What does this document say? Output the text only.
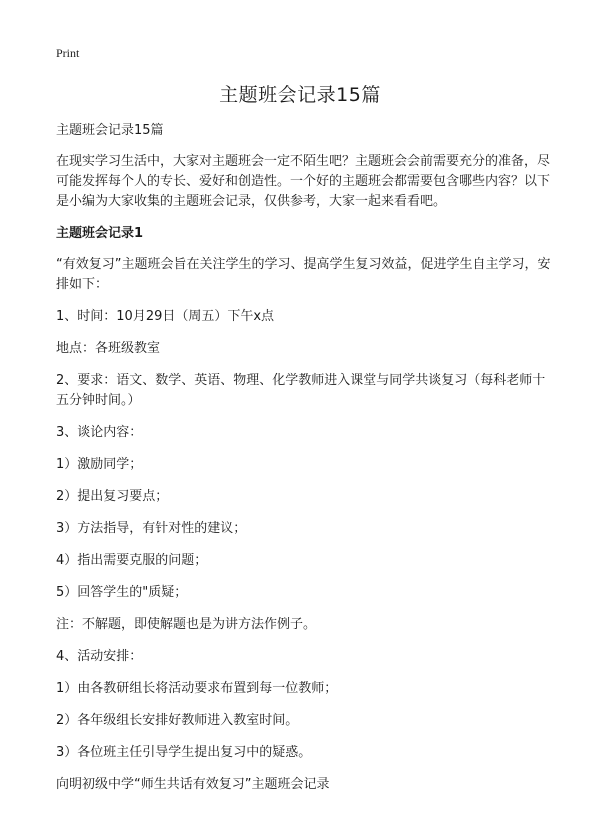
Print
主题班会记录15篇

主题班会记录15篇

在现实学习生活中，大家对主题班会一定不陌生吧？主题班会会前需要充分的准备，尽可能发挥每个人的专长、爱好和创造性。一个好的主题班会都需要包含哪些内容？以下是小编为大家收集的主题班会记录，仅供参考，大家一起来看看吧。

主题班会记录1

“有效复习”主题班会旨在关注学生的学习、提高学生复习效益，促进学生自主学习，安排如下：

1、时间：10月29日（周五）下午x点

地点：各班级教室

2、要求：语文、数学、英语、物理、化学教师进入课堂与同学共谈复习（每科老师十五分钟时间。）

3、谈论内容：

1）激励同学；

2）提出复习要点；

3）方法指导，有针对性的建议；

4）指出需要克服的问题；

5）回答学生的"质疑；

注：不解题，即使解题也是为讲方法作例子。

4、活动安排：

1）由各教研组长将活动要求布置到每一位教师；

2）各年级组长安排好教师进入教室时间。

3）各位班主任引导学生提出复习中的疑惑。

向明初级中学“师生共话有效复习”主题班会记录
